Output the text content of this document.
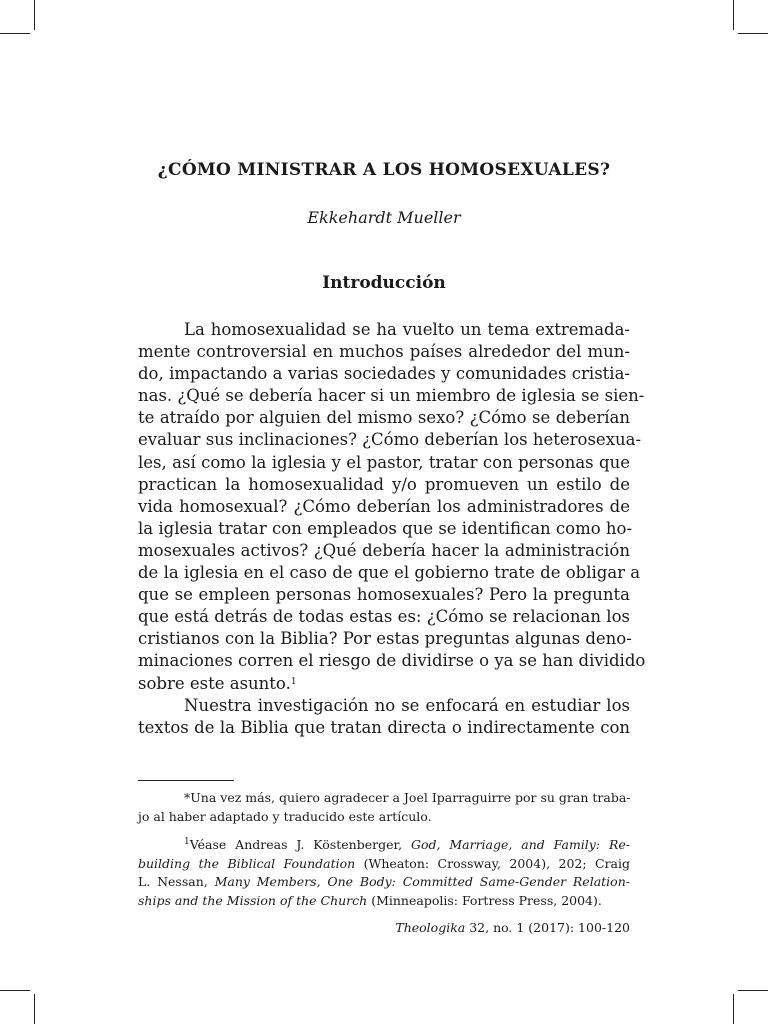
¿CÓMO MINISTRAR A LOS HOMOSEXUALES?
Ekkehardt Mueller
Introducción
La homosexualidad se ha vuelto un tema extremada-
mente controversial en muchos países alrededor del mun-
do, impactando a varias sociedades y comunidades cristia-
nas. ¿Qué se debería hacer si un miembro de iglesia se sien-
te atraído por alguien del mismo sexo? ¿Cómo se deberían
evaluar sus inclinaciones? ¿Cómo deberían los heterosexua-
les, así como la iglesia y el pastor, tratar con personas que
practican la homosexualidad y/o promueven un estilo de
vida homosexual? ¿Cómo deberían los administradores de
la iglesia tratar con empleados que se identifican como ho-
mosexuales activos? ¿Qué debería hacer la administración
de la iglesia en el caso de que el gobierno trate de obligar a
que se empleen personas homosexuales? Pero la pregunta
que está detrás de todas estas es: ¿Cómo se relacionan los
cristianos con la Biblia? Por estas preguntas algunas deno-
minaciones corren el riesgo de dividirse o ya se han dividido
sobre este asunto.$^1$
Nuestra investigación no se enfocará en estudiar los
textos de la Biblia que tratan directa o indirectamente con
*Una vez más, quiero agradecer a Joel Iparraguirre por su gran traba-
jo al haber adaptado y traducido este artículo.
$^1$Véase Andreas J. Köstenberger, God, Marriage, and Family: Re-
building the Biblical Foundation (Wheaton: Crossway, 2004), 202; Craig
L. Nessan, Many Members, One Body: Committed Same-Gender Relation-
ships and the Mission of the Church (Minneapolis: Fortress Press, 2004).
Theologika 32, no. 1 (2017): 100-120
